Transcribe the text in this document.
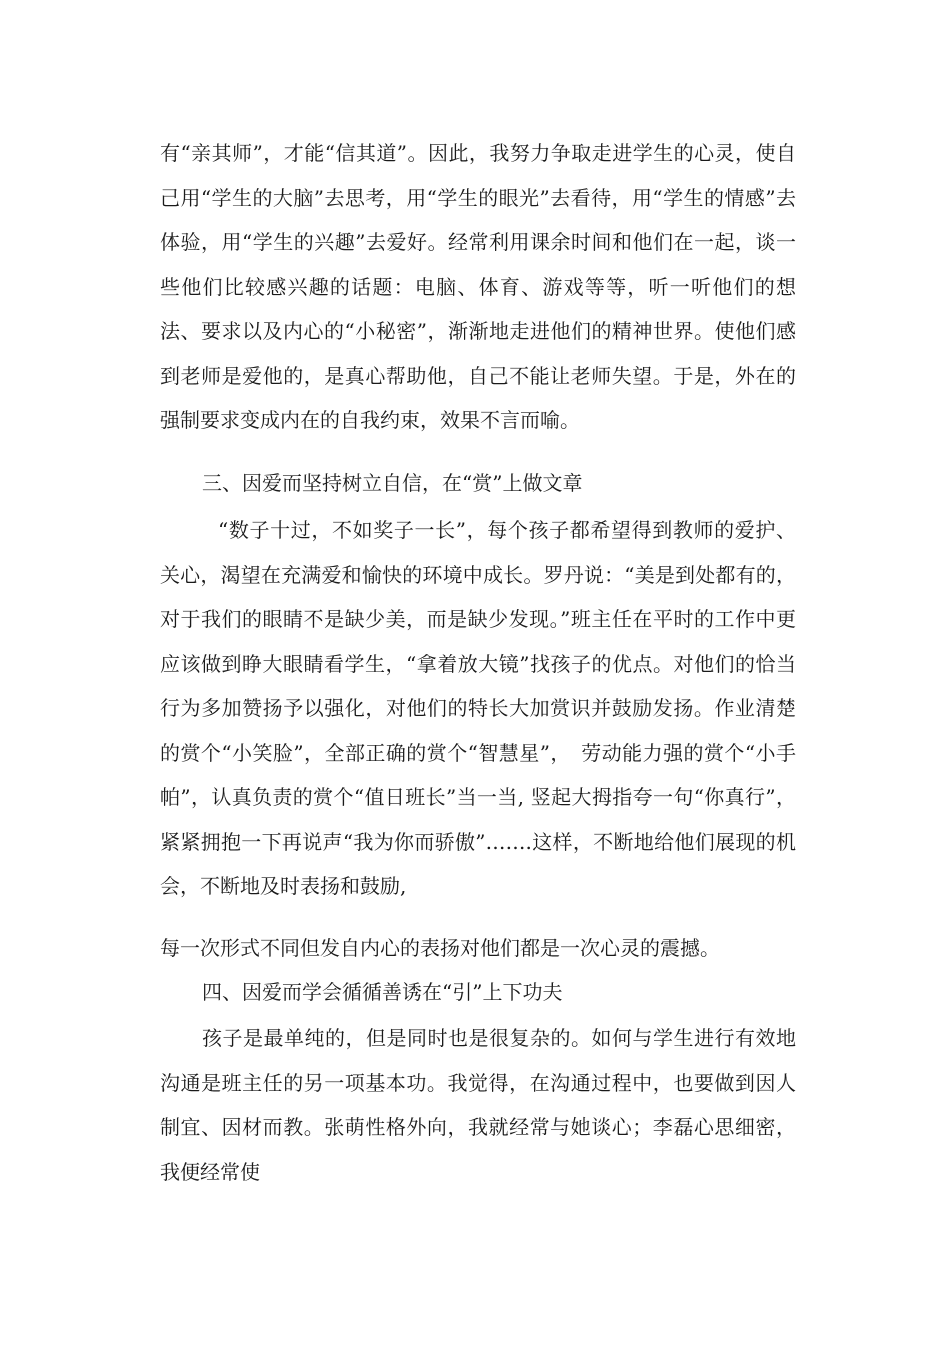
有“亲其师”，才能“信其道”。因此，我努力争取走进学生的心灵，使自己用“学生的大脑”去思考，用“学生的眼光”去看待，用“学生的情感”去体验，用“学生的兴趣”去爱好。经常利用课余时间和他们在一起，谈一些他们比较感兴趣的话题：电脑、体育、游戏等等，听一听他们的想法、要求以及内心的“小秘密”，渐渐地走进他们的精神世界。使他们感到老师是爱他的，是真心帮助他，自己不能让老师失望。于是，外在的强制要求变成内在的自我约束，效果不言而喻。

三、因爱而坚持树立自信，在“赏”上做文章

“数子十过，不如奖子一长”，每个孩子都希望得到教师的爱护、关心，渴望在充满爱和愉快的环境中成长。罗丹说：“美是到处都有的，对于我们的眼睛不是缺少美，而是缺少发现。”班主任在平时的工作中更应该做到睁大眼睛看学生，“拿着放大镜”找孩子的优点。对他们的恰当行为多加赞扬予以强化，对他们的特长大加赏识并鼓励发扬。作业清楚的赏个“小笑脸”，全部正确的赏个“智慧星”，　劳动能力强的赏个“小手帕”，认真负责的赏个“值日班长”当一当, 竖起大拇指夸一句“你真行”，紧紧拥抱一下再说声“我为你而骄傲”…….这样，不断地给他们展现的机会，不断地及时表扬和鼓励,

每一次形式不同但发自内心的表扬对他们都是一次心灵的震撼。

四、因爱而学会循循善诱在“引”上下功夫

孩子是最单纯的，但是同时也是很复杂的。如何与学生进行有效地沟通是班主任的另一项基本功。我觉得，在沟通过程中，也要做到因人制宜、因材而教。张萌性格外向，我就经常与她谈心；李磊心思细密，我便经常使
